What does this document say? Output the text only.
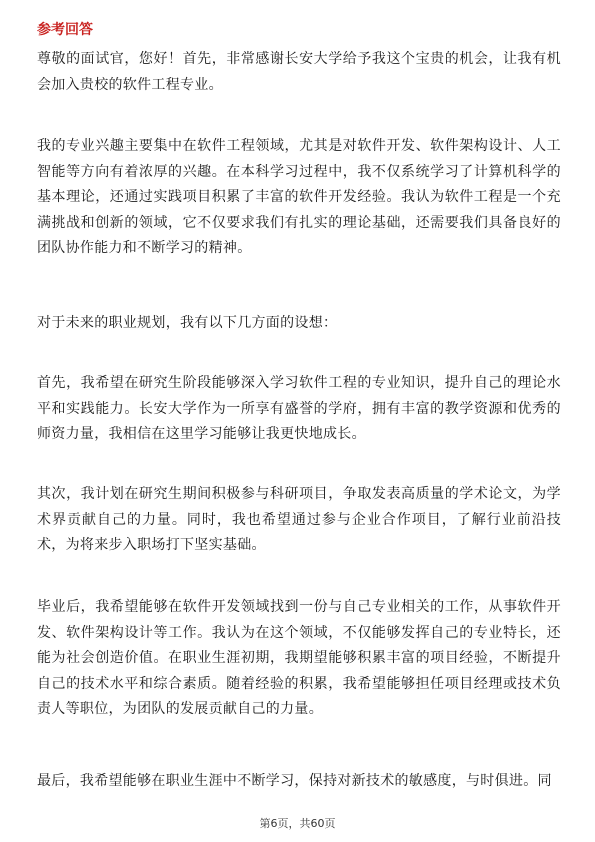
参考回答

尊敬的面试官，您好！首先，非常感谢长安大学给予我这个宝贵的机会，让我有机会加入贵校的软件工程专业。

我的专业兴趣主要集中在软件工程领域，尤其是对软件开发、软件架构设计、人工智能等方向有着浓厚的兴趣。在本科学习过程中，我不仅系统学习了计算机科学的基本理论，还通过实践项目积累了丰富的软件开发经验。我认为软件工程是一个充满挑战和创新的领域，它不仅要求我们有扎实的理论基础，还需要我们具备良好的团队协作能力和不断学习的精神。

对于未来的职业规划，我有以下几方面的设想：

首先，我希望在研究生阶段能够深入学习软件工程的专业知识，提升自己的理论水平和实践能力。长安大学作为一所享有盛誉的学府，拥有丰富的教学资源和优秀的师资力量，我相信在这里学习能够让我更快地成长。

其次，我计划在研究生期间积极参与科研项目，争取发表高质量的学术论文，为学术界贡献自己的力量。同时，我也希望通过参与企业合作项目，了解行业前沿技术，为将来步入职场打下坚实基础。

毕业后，我希望能够在软件开发领域找到一份与自己专业相关的工作，从事软件开发、软件架构设计等工作。我认为在这个领域，不仅能够发挥自己的专业特长，还能为社会创造价值。在职业生涯初期，我期望能够积累丰富的项目经验，不断提升自己的技术水平和综合素质。随着经验的积累，我希望能够担任项目经理或技术负责人等职位，为团队的发展贡献自己的力量。

最后，我希望能够在职业生涯中不断学习，保持对新技术的敏感度，与时俱进。同

第6页，共60页
